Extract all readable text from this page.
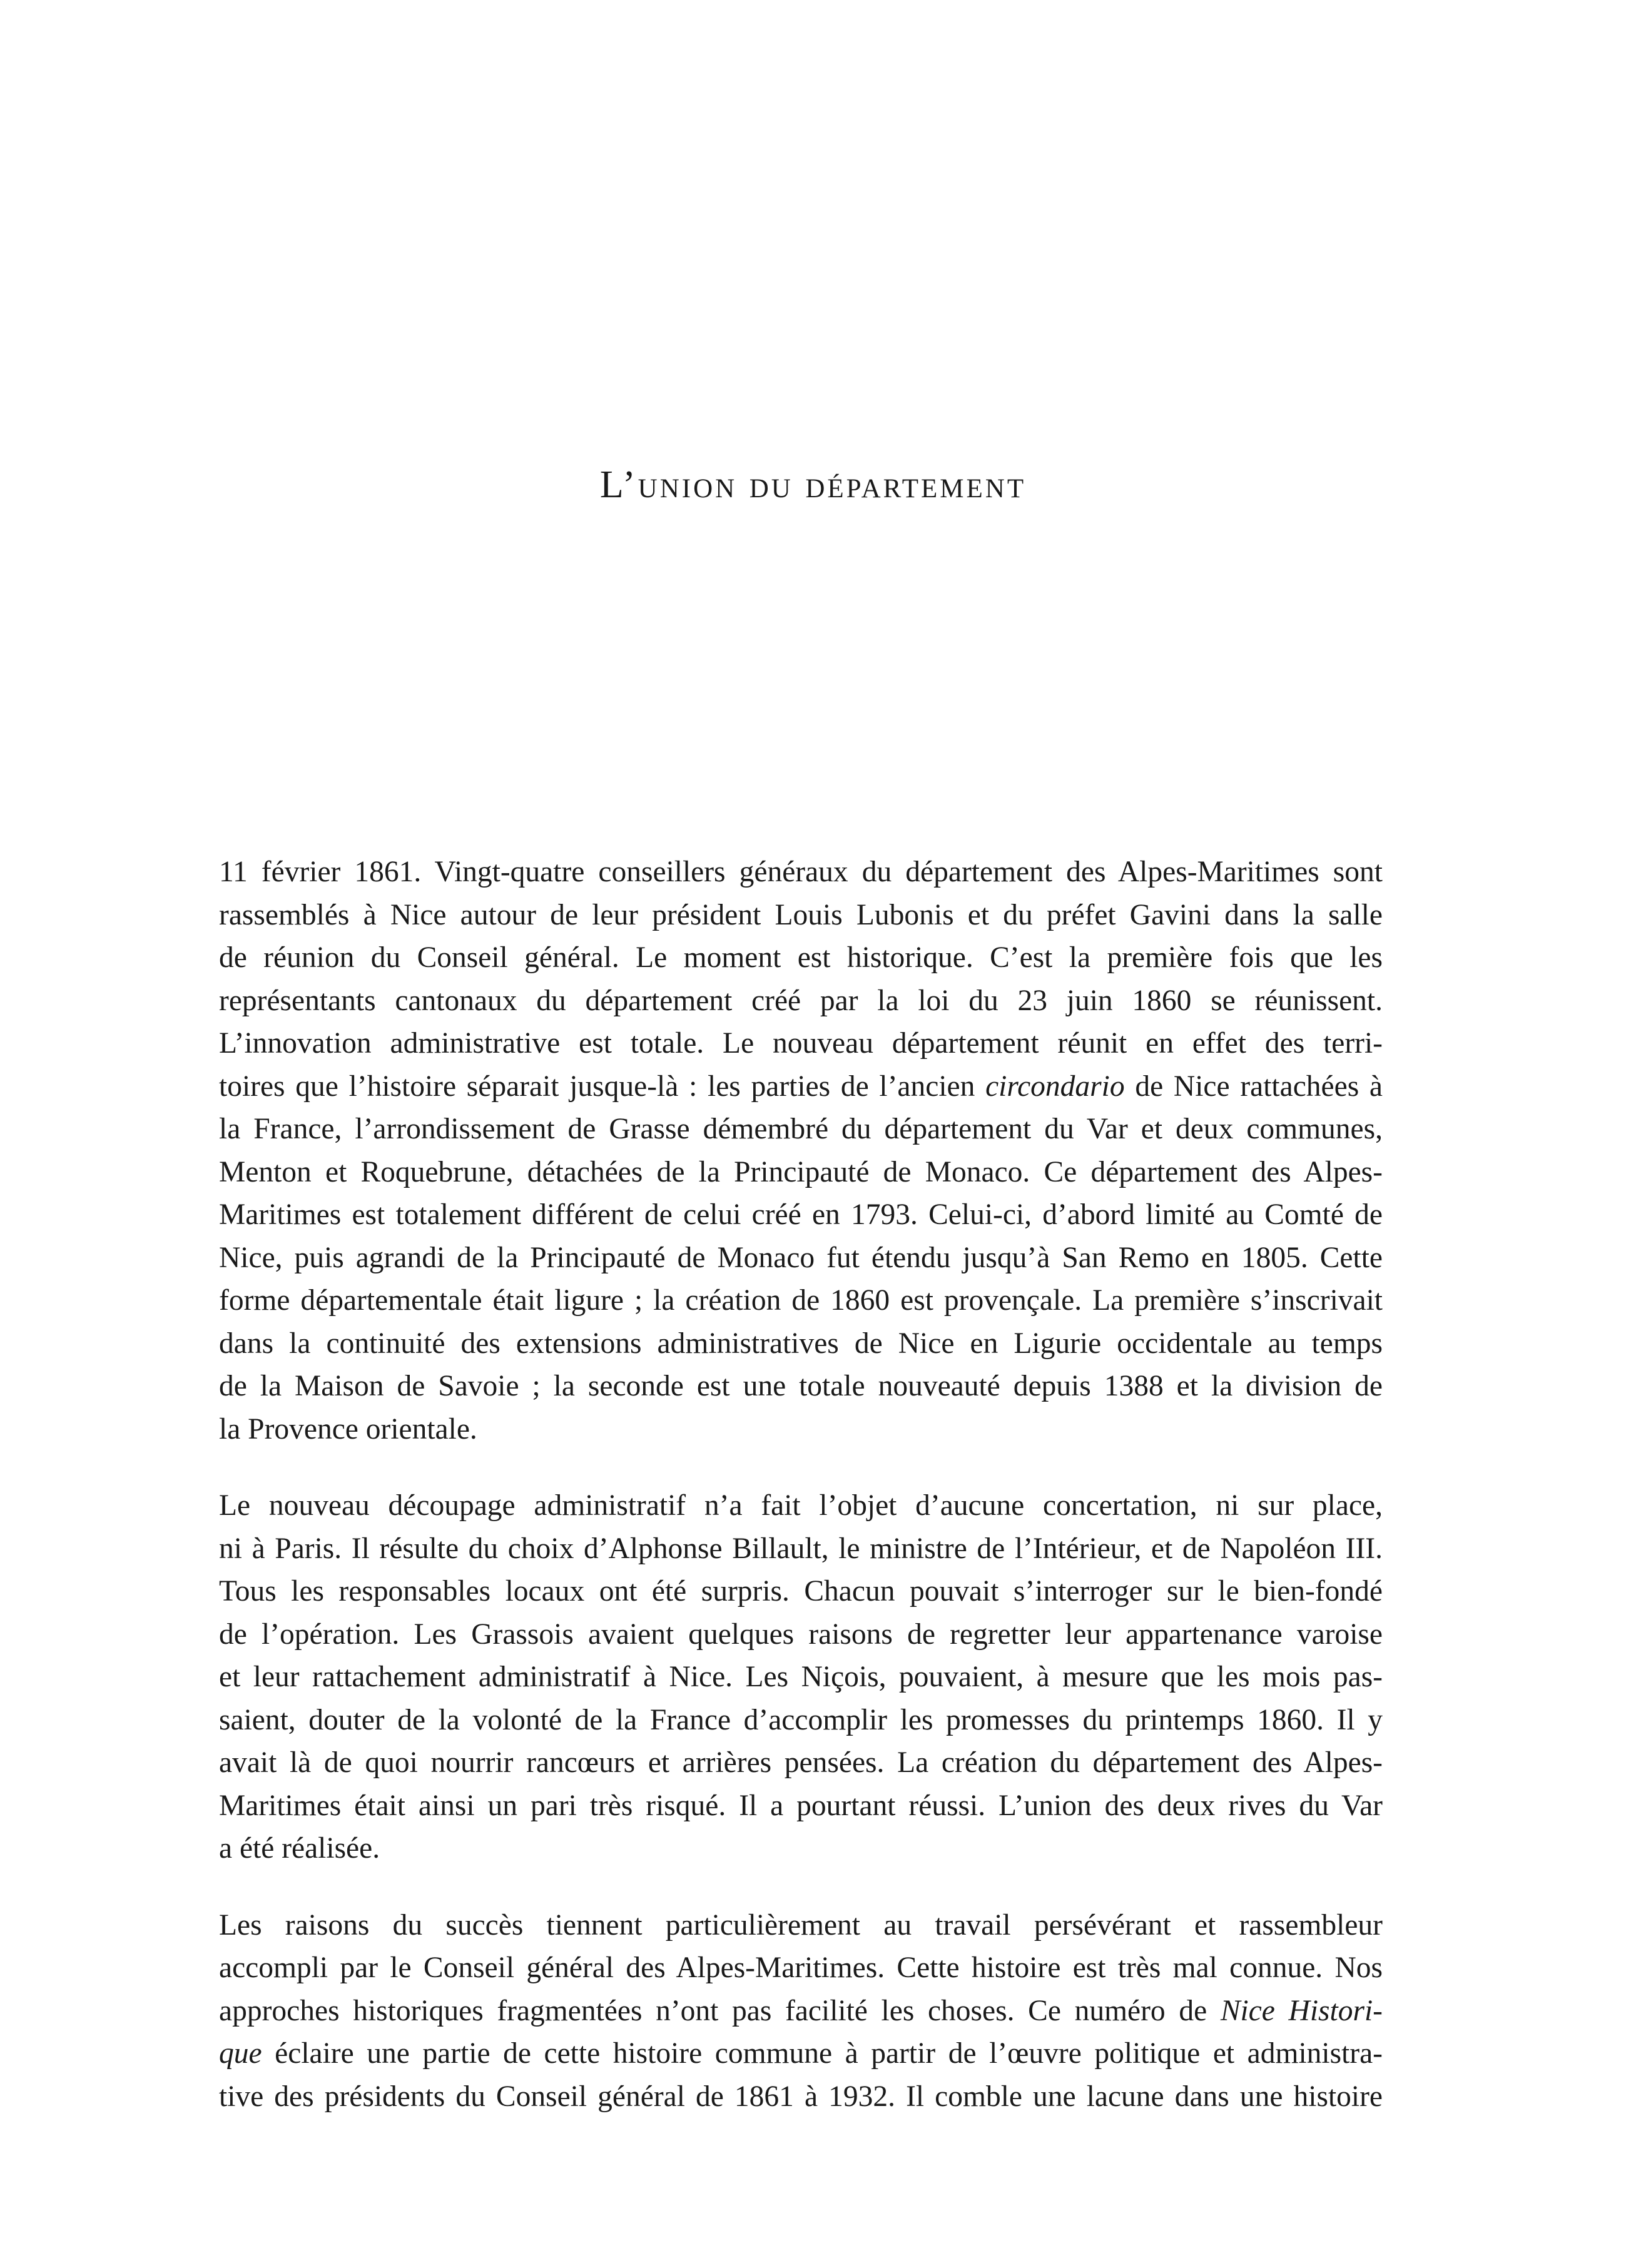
L’union du département

11 février 1861. Vingt-quatre conseillers généraux du département des Alpes-Maritimes sont
rassemblés à Nice autour de leur président Louis Lubonis et du préfet Gavini dans la salle
de réunion du Conseil général. Le moment est historique. C’est la première fois que les
représentants cantonaux du département créé par la loi du 23 juin 1860 se réunissent.
L’innovation administrative est totale. Le nouveau département réunit en effet des terri-
toires que l’histoire séparait jusque-là : les parties de l’ancien circondario de Nice rattachées à
la France, l’arrondissement de Grasse démembré du département du Var et deux communes,
Menton et Roquebrune, détachées de la Principauté de Monaco. Ce département des Alpes-
Maritimes est totalement différent de celui créé en 1793. Celui-ci, d’abord limité au Comté de
Nice, puis agrandi de la Principauté de Monaco fut étendu jusqu’à San Remo en 1805. Cette
forme départementale était ligure ; la création de 1860 est provençale. La première s’inscrivait
dans la continuité des extensions administratives de Nice en Ligurie occidentale au temps
de la Maison de Savoie ; la seconde est une totale nouveauté depuis 1388 et la division de
la Provence orientale.

Le nouveau découpage administratif n’a fait l’objet d’aucune concertation, ni sur place,
ni à Paris. Il résulte du choix d’Alphonse Billault, le ministre de l’Intérieur, et de Napoléon III.
Tous les responsables locaux ont été surpris. Chacun pouvait s’interroger sur le bien-fondé
de l’opération. Les Grassois avaient quelques raisons de regretter leur appartenance varoise
et leur rattachement administratif à Nice. Les Niçois, pouvaient, à mesure que les mois pas-
saient, douter de la volonté de la France d’accomplir les promesses du printemps 1860. Il y
avait là de quoi nourrir rancœurs et arrières pensées. La création du département des Alpes-
Maritimes était ainsi un pari très risqué. Il a pourtant réussi. L’union des deux rives du Var
a été réalisée.

Les raisons du succès tiennent particulièrement au travail persévérant et rassembleur
accompli par le Conseil général des Alpes-Maritimes. Cette histoire est très mal connue. Nos
approches historiques fragmentées n’ont pas facilité les choses. Ce numéro de Nice Histori-
que éclaire une partie de cette histoire commune à partir de l’œuvre politique et administra-
tive des présidents du Conseil général de 1861 à 1932. Il comble une lacune dans une histoire
